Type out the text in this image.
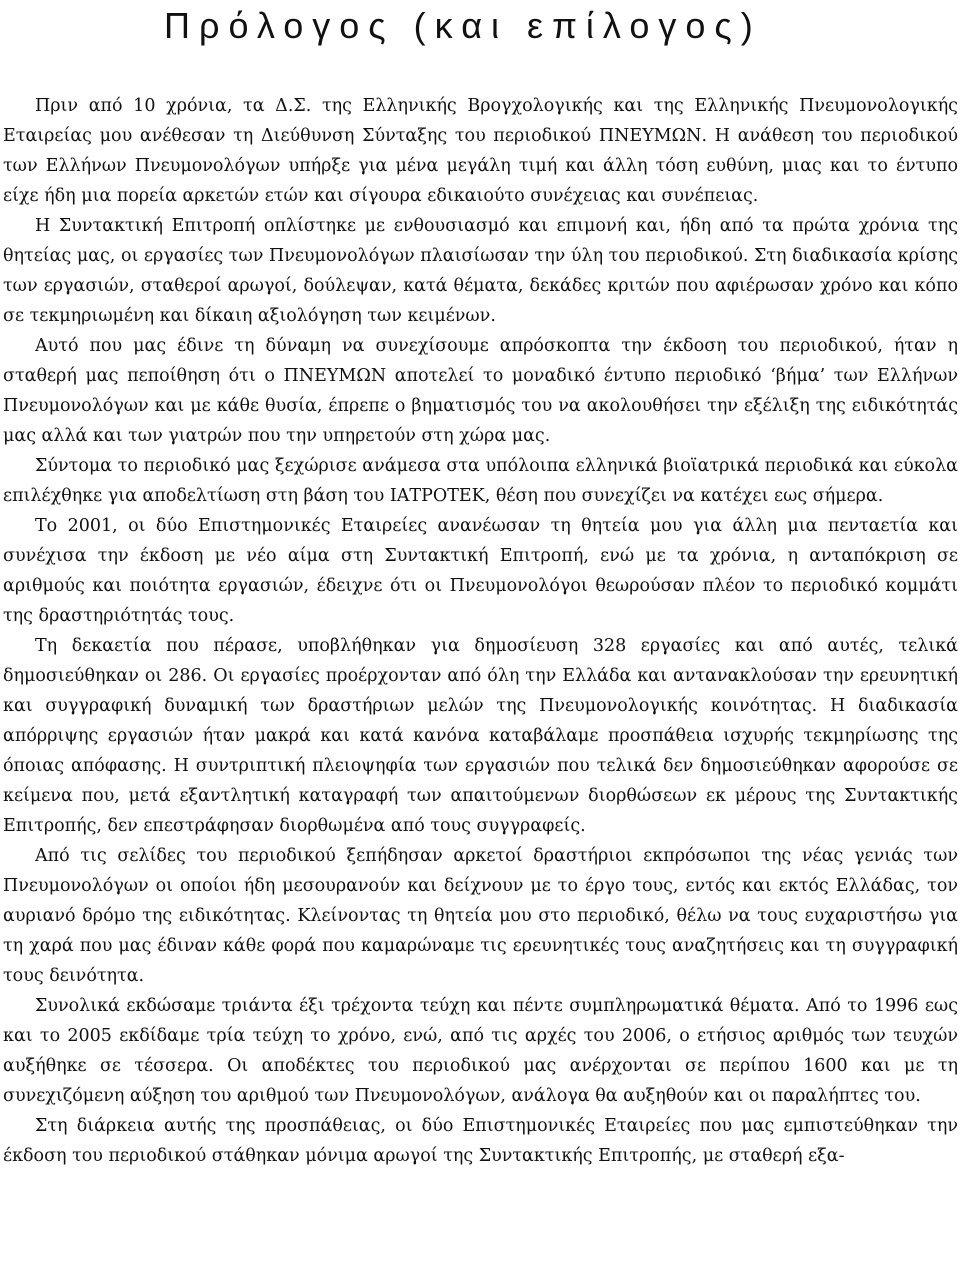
Πρόλογος (και επίλογος)

Πριν από 10 χρόνια, τα Δ.Σ. της Ελληνικής Βρογχολογικής και της Ελληνικής Πνευμονολογικής Εταιρείας μου ανέθεσαν τη Διεύθυνση Σύνταξης του περιοδικού ΠΝΕΥΜΩΝ. Η ανάθεση του περιοδικού των Ελλήνων Πνευμονολόγων υπήρξε για μένα μεγάλη τιμή και άλλη τόση ευθύνη, μιας και το έντυπο είχε ήδη μια πορεία αρκετών ετών και σίγουρα εδικαιούτο συνέχειας και συνέπειας.

Η Συντακτική Επιτροπή οπλίστηκε με ενθουσιασμό και επιμονή και, ήδη από τα πρώτα χρόνια της θητείας μας, οι εργασίες των Πνευμονολόγων πλαισίωσαν την ύλη του περιοδικού. Στη διαδικασία κρίσης των εργασιών, σταθεροί αρωγοί, δούλεψαν, κατά θέματα, δεκάδες κριτών που αφιέρωσαν χρόνο και κόπο σε τεκμηριωμένη και δίκαιη αξιολόγηση των κειμένων.

Αυτό που μας έδινε τη δύναμη να συνεχίσουμε απρόσκοπτα την έκδοση του περιοδικού, ήταν η σταθερή μας πεποίθηση ότι ο ΠΝΕΥΜΩΝ αποτελεί το μοναδικό έντυπο περιοδικό ‘βήμα’ των Ελλήνων Πνευμονολόγων και με κάθε θυσία, έπρεπε ο βηματισμός του να ακολουθήσει την εξέλιξη της ειδικότητάς μας αλλά και των γιατρών που την υπηρετούν στη χώρα μας.

Σύντομα το περιοδικό μας ξεχώρισε ανάμεσα στα υπόλοιπα ελληνικά βιοϊατρικά περιοδικά και εύκολα επιλέχθηκε για αποδελτίωση στη βάση του ΙΑΤΡΟΤΕΚ, θέση που συνεχίζει να κατέχει εως σήμερα.

Το 2001, οι δύο Επιστημονικές Εταιρείες ανανέωσαν τη θητεία μου για άλλη μια πενταετία και συνέχισα την έκδοση με νέο αίμα στη Συντακτική Επιτροπή, ενώ με τα χρόνια, η ανταπόκριση σε αριθμούς και ποιότητα εργασιών, έδειχνε ότι οι Πνευμονολόγοι θεωρούσαν πλέον το περιοδικό κομμάτι της δραστηριότητάς τους.

Τη δεκαετία που πέρασε, υποβλήθηκαν για δημοσίευση 328 εργασίες και από αυτές, τελικά δημοσιεύθηκαν οι 286. Οι εργασίες προέρχονταν από όλη την Ελλάδα και αντανακλούσαν την ερευνητική και συγγραφική δυναμική των δραστήριων μελών της Πνευμονολογικής κοινότητας. Η διαδικασία απόρριψης εργασιών ήταν μακρά και κατά κανόνα καταβάλαμε προσπάθεια ισχυρής τεκμηρίωσης της όποιας απόφασης. Η συντριπτική πλειοψηφία των εργασιών που τελικά δεν δημοσιεύθηκαν αφορούσε σε κείμενα που, μετά εξαντλητική καταγραφή των απαιτούμενων διορθώσεων εκ μέρους της Συντακτικής Επιτροπής, δεν επεστράφησαν διορθωμένα από τους συγγραφείς.

Από τις σελίδες του περιοδικού ξεπήδησαν αρκετοί δραστήριοι εκπρόσωποι της νέας γενιάς των Πνευμονολόγων οι οποίοι ήδη μεσουρανούν και δείχνουν με το έργο τους, εντός και εκτός Ελλάδας, τον αυριανό δρόμο της ειδικότητας. Κλείνοντας τη θητεία μου στο περιοδικό, θέλω να τους ευχαριστήσω για τη χαρά που μας έδιναν κάθε φορά που καμαρώναμε τις ερευνητικές τους αναζητήσεις και τη συγγραφική τους δεινότητα.

Συνολικά εκδώσαμε τριάντα έξι τρέχοντα τεύχη και πέντε συμπληρωματικά θέματα. Από το 1996 εως και το 2005 εκδίδαμε τρία τεύχη το χρόνο, ενώ, από τις αρχές του 2006, ο ετήσιος αριθμός των τευχών αυξήθηκε σε τέσσερα. Οι αποδέκτες του περιοδικού μας ανέρχονται σε περίπου 1600 και με τη συνεχιζόμενη αύξηση του αριθμού των Πνευμονολόγων, ανάλογα θα αυξηθούν και οι παραλήπτες του.

Στη διάρκεια αυτής της προσπάθειας, οι δύο Επιστημονικές Εταιρείες που μας εμπιστεύθηκαν την έκδοση του περιοδικού στάθηκαν μόνιμα αρωγοί της Συντακτικής Επιτροπής, με σταθερή εξα-
